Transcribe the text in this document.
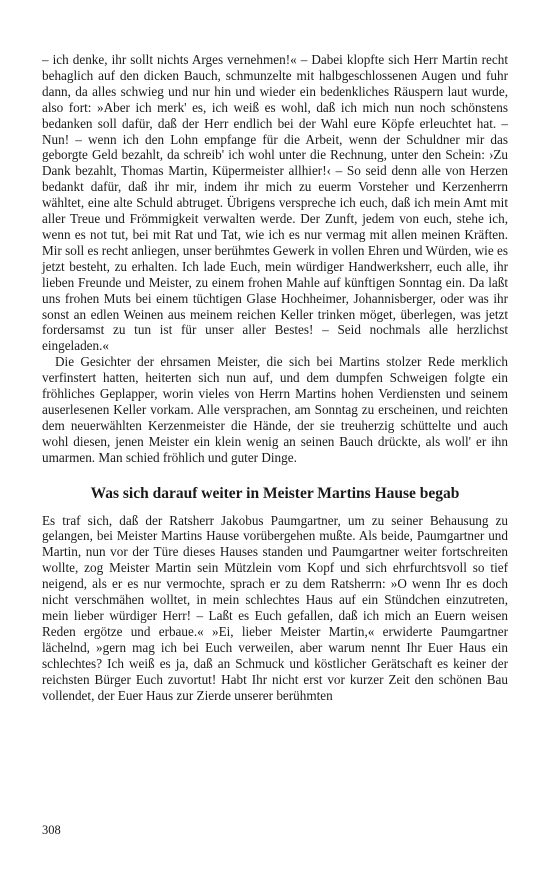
– ich denke, ihr sollt nichts Arges vernehmen!« – Dabei klopfte sich Herr Martin recht behaglich auf den dicken Bauch, schmunzelte mit halbgeschlossenen Augen und fuhr dann, da alles schwieg und nur hin und wieder ein bedenkliches Räuspern laut wurde, also fort: »Aber ich merk' es, ich weiß es wohl, daß ich mich nun noch schönstens bedanken soll dafür, daß der Herr endlich bei der Wahl eure Köpfe erleuchtet hat. – Nun! – wenn ich den Lohn empfange für die Arbeit, wenn der Schuldner mir das geborgte Geld bezahlt, da schreib' ich wohl unter die Rechnung, unter den Schein: ›Zu Dank bezahlt, Thomas Martin, Küpermeister allhier!‹ – So seid denn alle von Herzen bedankt dafür, daß ihr mir, indem ihr mich zu euerm Vorsteher und Kerzenherrn wähltet, eine alte Schuld abtruget. Übrigens verspreche ich euch, daß ich mein Amt mit aller Treue und Frömmigkeit verwalten werde. Der Zunft, jedem von euch, stehe ich, wenn es not tut, bei mit Rat und Tat, wie ich es nur vermag mit allen meinen Kräften. Mir soll es recht anliegen, unser berühmtes Gewerk in vollen Ehren und Würden, wie es jetzt besteht, zu erhalten. Ich lade Euch, mein würdiger Handwerksherr, euch alle, ihr lieben Freunde und Meister, zu einem frohen Mahle auf künftigen Sonntag ein. Da laßt uns frohen Muts bei einem tüchtigen Glase Hochheimer, Johannisberger, oder was ihr sonst an edlen Weinen aus meinem reichen Keller trinken möget, überlegen, was jetzt fordersamst zu tun ist für unser aller Bestes! – Seid nochmals alle herzlichst eingeladen.«

Die Gesichter der ehrsamen Meister, die sich bei Martins stolzer Rede merklich verfinstert hatten, heiterten sich nun auf, und dem dumpfen Schweigen folgte ein fröhliches Geplapper, worin vieles von Herrn Martins hohen Verdiensten und seinem auserlesenen Keller vorkam. Alle versprachen, am Sonntag zu erscheinen, und reichten dem neuerwählten Kerzenmeister die Hände, der sie treuherzig schüttelte und auch wohl diesen, jenen Meister ein klein wenig an seinen Bauch drückte, als woll' er ihn umarmen. Man schied fröhlich und guter Dinge.

Was sich darauf weiter in Meister Martins Hause begab

Es traf sich, daß der Ratsherr Jakobus Paumgartner, um zu seiner Behausung zu gelangen, bei Meister Martins Hause vorübergehen mußte. Als beide, Paumgartner und Martin, nun vor der Türe dieses Hauses standen und Paumgartner weiter fortschreiten wollte, zog Meister Martin sein Mützlein vom Kopf und sich ehrfurchtsvoll so tief neigend, als er es nur vermochte, sprach er zu dem Ratsherrn: »O wenn Ihr es doch nicht verschmähen wolltet, in mein schlechtes Haus auf ein Stündchen einzutreten, mein lieber würdiger Herr! – Laßt es Euch gefallen, daß ich mich an Euern weisen Reden ergötze und erbaue.« »Ei, lieber Meister Martin,« erwiderte Paumgartner lächelnd, »gern mag ich bei Euch verweilen, aber warum nennt Ihr Euer Haus ein schlechtes? Ich weiß es ja, daß an Schmuck und köstlicher Gerätschaft es keiner der reichsten Bürger Euch zuvortut! Habt Ihr nicht erst vor kurzer Zeit den schönen Bau vollendet, der Euer Haus zur Zierde unserer berühmten

308
